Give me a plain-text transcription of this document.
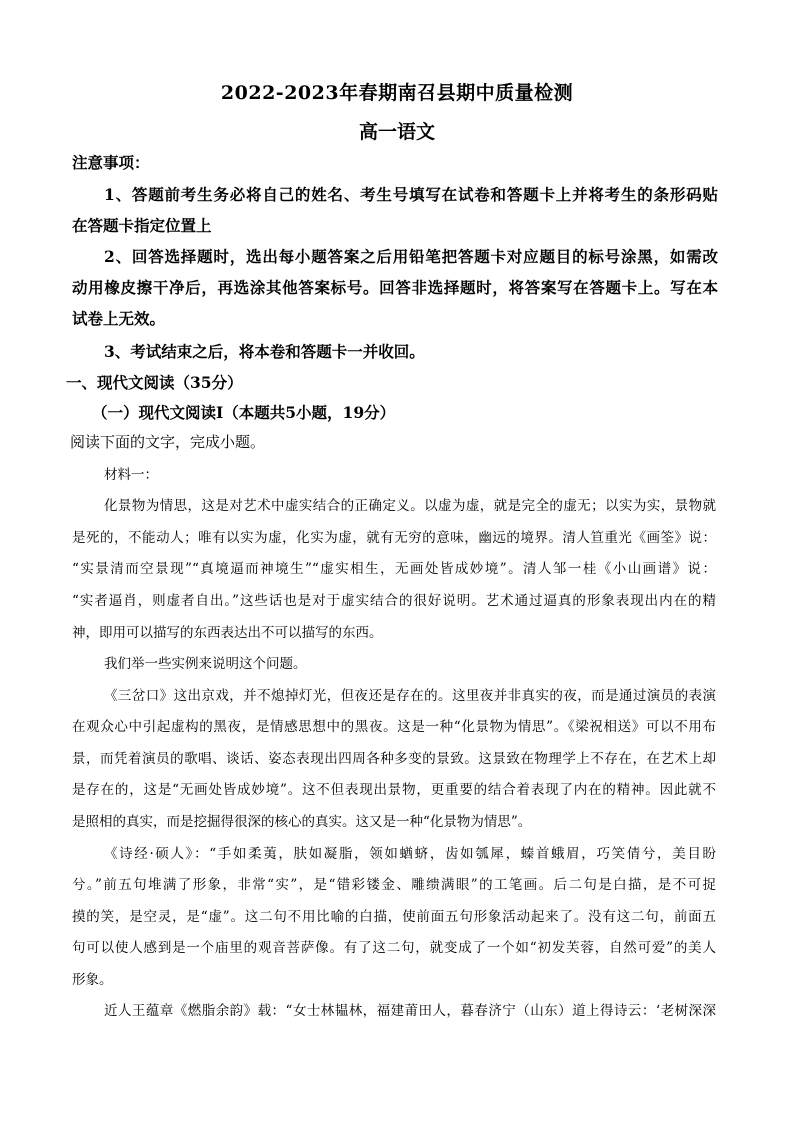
2022-2023年春期南召县期中质量检测
高一语文
注意事项：
1、答题前考生务必将自己的姓名、考生号填写在试卷和答题卡上并将考生的条形码贴
在答题卡指定位置上
2、回答选择题时，选出每小题答案之后用铅笔把答题卡对应题目的标号涂黑，如需改
动用橡皮擦干净后，再选涂其他答案标号。回答非选择题时，将答案写在答题卡上。写在本
试卷上无效。
3、考试结束之后，将本卷和答题卡一并收回。
一、现代文阅读（35分）
（一）现代文阅读Ⅰ（本题共5小题，19分）
阅读下面的文字，完成小题。
材料一：
化景物为情思，这是对艺术中虚实结合的正确定义。以虚为虚，就是完全的虚无；以实为实，景物就
是死的，不能动人；唯有以实为虚，化实为虚，就有无穷的意味，幽远的境界。清人笪重光《画筌》说：
“实景清而空景现”“真境逼而神境生”“虚实相生，无画处皆成妙境”。清人邹一桂《小山画谱》说：
“实者逼肖，则虚者自出。”这些话也是对于虚实结合的很好说明。艺术通过逼真的形象表现出内在的精
神，即用可以描写的东西表达出不可以描写的东西。
我们举一些实例来说明这个问题。
《三岔口》这出京戏，并不熄掉灯光，但夜还是存在的。这里夜并非真实的夜，而是通过演员的表演
在观众心中引起虚构的黑夜，是情感思想中的黑夜。这是一种“化景物为情思”。《梁祝相送》可以不用布
景，而凭着演员的歌唱、谈话、姿态表现出四周各种多变的景致。这景致在物理学上不存在，在艺术上却
是存在的，这是“无画处皆成妙境”。这不但表现出景物，更重要的结合着表现了内在的精神。因此就不
是照相的真实，而是挖掘得很深的核心的真实。这又是一种“化景物为情思”。
《诗经·硕人》：“手如柔荑，肤如凝脂，领如蝤蛴，齿如瓠犀，螓首蛾眉，巧笑倩兮，美目盼
兮。”前五句堆满了形象，非常“实”，是“错彩镂金、雕缋满眼”的工笔画。后二句是白描，是不可捉
摸的笑，是空灵，是“虚”。这二句不用比喻的白描，使前面五句形象活动起来了。没有这二句，前面五
句可以使人感到是一个庙里的观音菩萨像。有了这二句，就变成了一个如“初发芙蓉，自然可爱”的美人
形象。
近人王蕴章《燃脂余韵》载：“女士林韫林，福建莆田人，暮春济宁（山东）道上得诗云：‘老树深深
